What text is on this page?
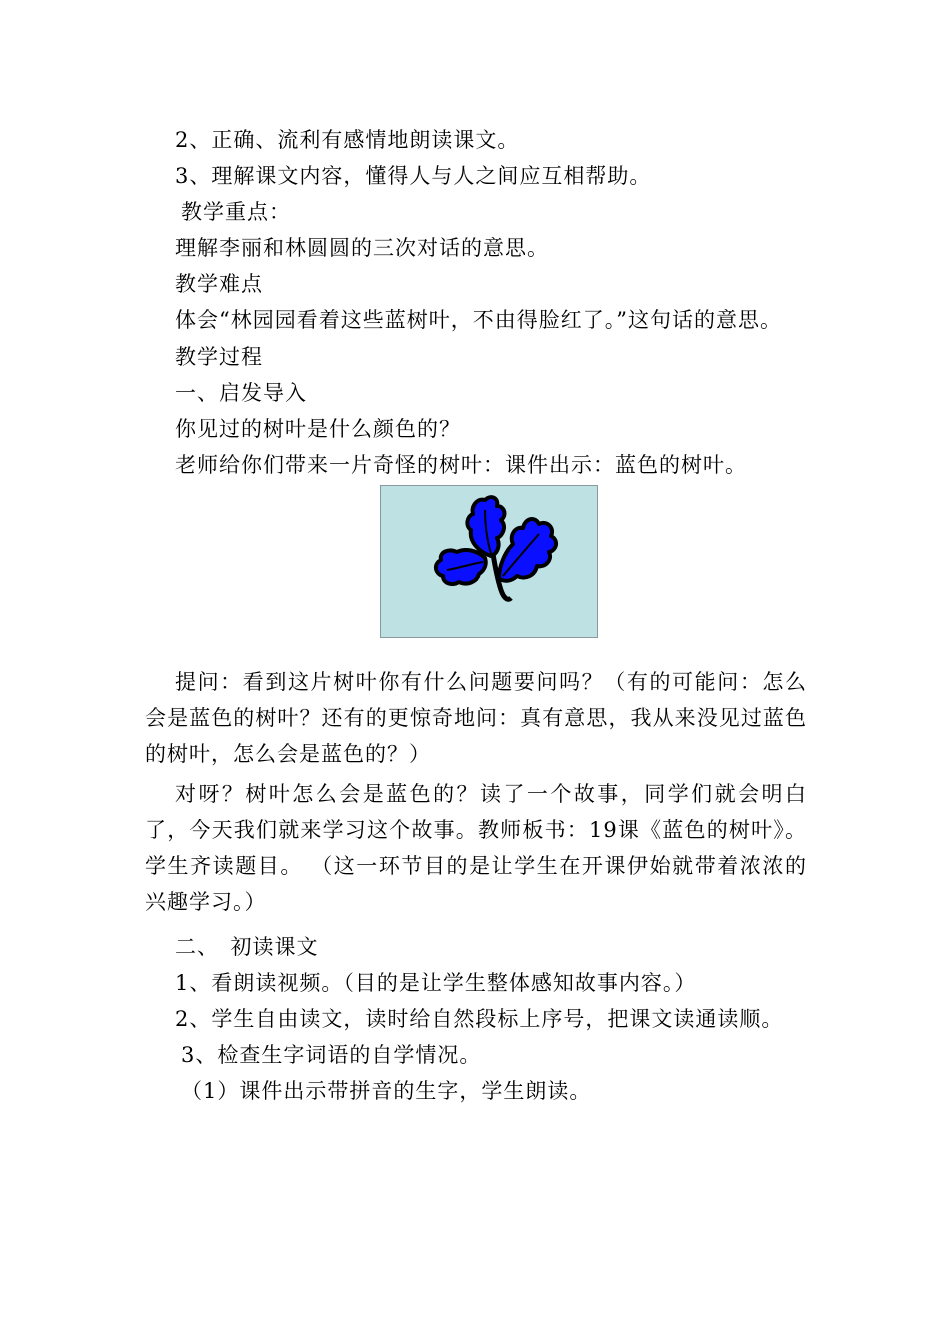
2、正确、流利有感情地朗读课文。
3、理解课文内容，懂得人与人之间应互相帮助。
教学重点：
理解李丽和林圆圆的三次对话的意思。
教学难点
体会“林园园看着这些蓝树叶，不由得脸红了。”这句话的意思。
教学过程
一、启发导入
你见过的树叶是什么颜色的？
老师给你们带来一片奇怪的树叶：课件出示：蓝色的树叶。
提问：看到这片树叶你有什么问题要问吗？（有的可能问：怎么会是蓝色的树叶？还有的更惊奇地问：真有意思，我从来没见过蓝色的树叶，怎么会是蓝色的？）
对呀？树叶怎么会是蓝色的？读了一个故事，同学们就会明白了，今天我们就来学习这个故事。教师板书：19课《蓝色的树叶》。学生齐读题目。 （这一环节目的是让学生在开课伊始就带着浓浓的兴趣学习。）
二、　初读课文
1、看朗读视频。（目的是让学生整体感知故事内容。）
2、学生自由读文，读时给自然段标上序号，把课文读通读顺。
3、检查生字词语的自学情况。
（1）课件出示带拼音的生字，学生朗读。
